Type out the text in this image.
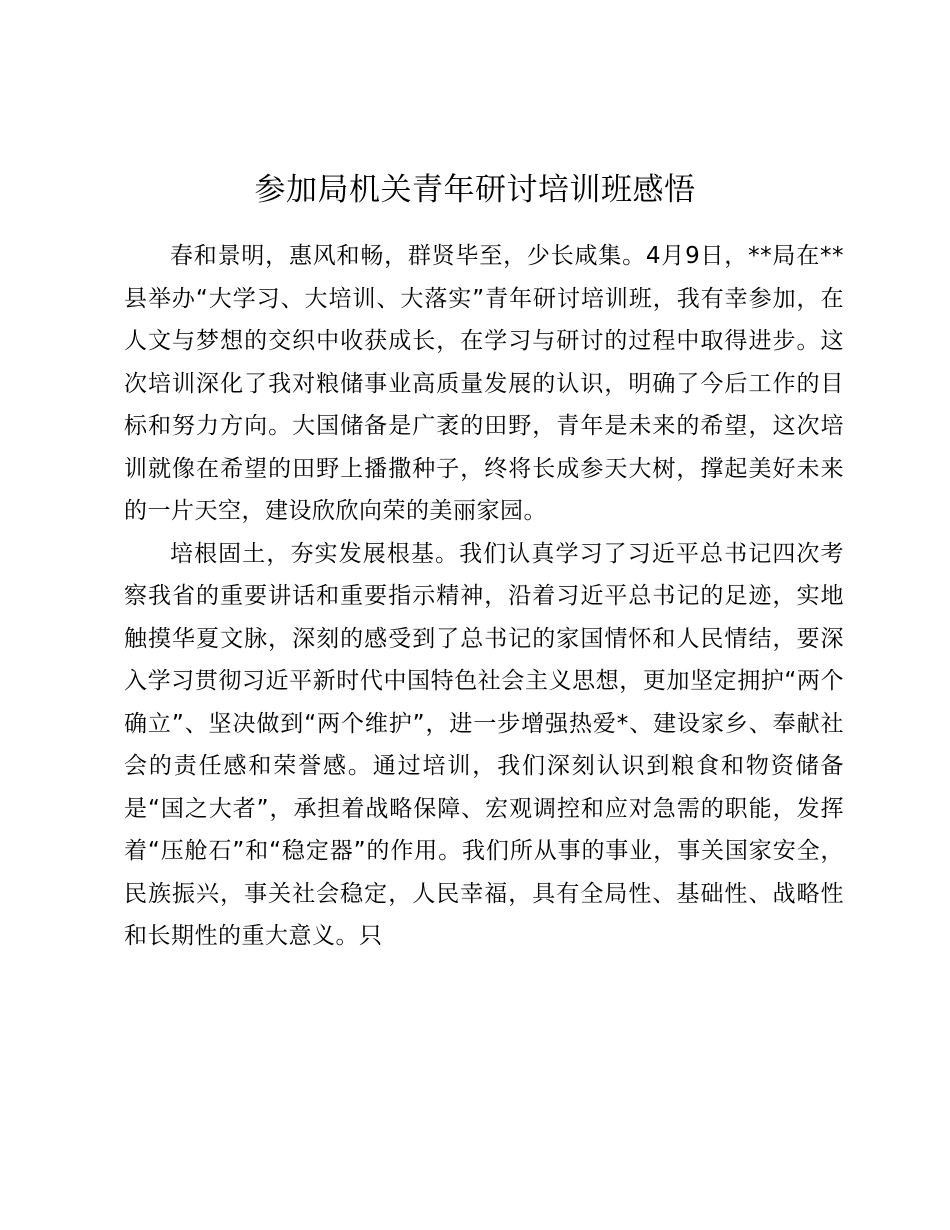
参加局机关青年研讨培训班感悟

春和景明，惠风和畅，群贤毕至，少长咸集。4月9日，**局在**县举办“大学习、大培训、大落实”青年研讨培训班，我有幸参加，在人文与梦想的交织中收获成长，在学习与研讨的过程中取得进步。这次培训深化了我对粮储事业高质量发展的认识，明确了今后工作的目标和努力方向。大国储备是广袤的田野，青年是未来的希望，这次培训就像在希望的田野上播撒种子，终将长成参天大树，撑起美好未来的一片天空，建设欣欣向荣的美丽家园。

培根固土，夯实发展根基。我们认真学习了习近平总书记四次考察我省的重要讲话和重要指示精神，沿着习近平总书记的足迹，实地触摸华夏文脉，深刻的感受到了总书记的家国情怀和人民情结，要深入学习贯彻习近平新时代中国特色社会主义思想，更加坚定拥护“两个确立”、坚决做到“两个维护”，进一步增强热爱*、建设家乡、奉献社会的责任感和荣誉感。通过培训，我们深刻认识到粮食和物资储备是“国之大者”，承担着战略保障、宏观调控和应对急需的职能，发挥着“压舱石”和“稳定器”的作用。我们所从事的事业，事关国家安全，民族振兴，事关社会稳定，人民幸福，具有全局性、基础性、战略性和长期性的重大意义。只
